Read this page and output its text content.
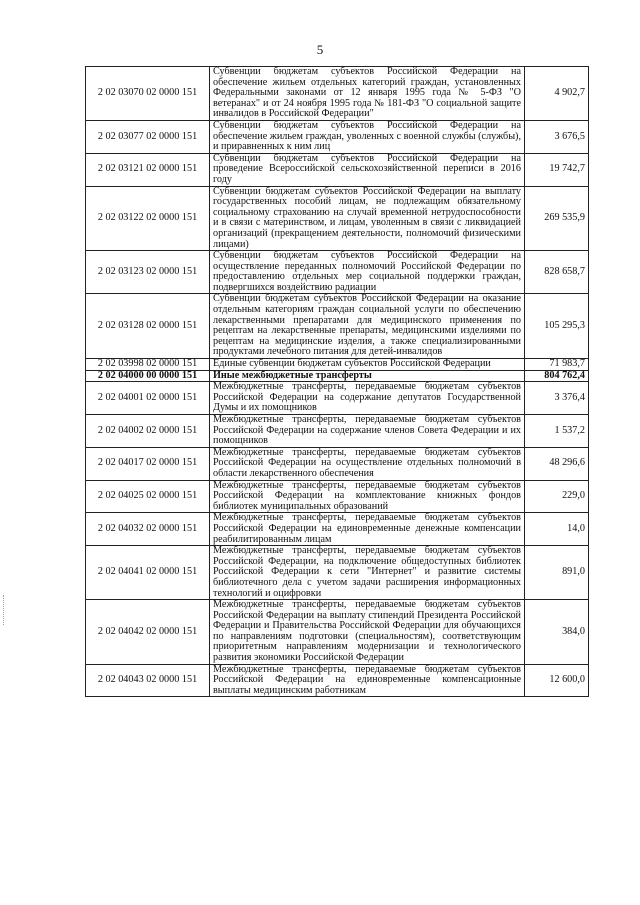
5
2 02 03070 02 0000 151	Субвенции бюджетам субъектов Российской Федерации на обеспечение жильем отдельных категорий граждан, установленных Федеральными законами от 12 января 1995 года № 5-ФЗ "О ветеранах" и от 24 ноября 1995 года № 181-ФЗ "О социальной защите инвалидов в Российской Федерации"	4 902,7
2 02 03077 02 0000 151	Субвенции бюджетам субъектов Российской Федерации на обеспечение жильем граждан, уволенных с военной службы (службы), и приравненных к ним лиц	3 676,5
2 02 03121 02 0000 151	Субвенции бюджетам субъектов Российской Федерации на проведение Всероссийской сельскохозяйственной переписи в 2016 году	19 742,7
2 02 03122 02 0000 151	Субвенции бюджетам субъектов Российской Федерации на выплату государственных пособий лицам, не подлежащим обязательному социальному страхованию на случай временной нетрудоспособности и в связи с материнством, и лицам, уволенным в связи с ликвидацией организаций (прекращением деятельности, полномочий физическими лицами)	269 535,9
2 02 03123 02 0000 151	Субвенции бюджетам субъектов Российской Федерации на осуществление переданных полномочий Российской Федерации по предоставлению отдельных мер социальной поддержки граждан, подвергшихся воздействию радиации	828 658,7
2 02 03128 02 0000 151	Субвенции бюджетам субъектов Российской Федерации на оказание отдельным категориям граждан социальной услуги по обеспечению лекарственными препаратами для медицинского применения по рецептам на лекарственные препараты, медицинскими изделиями по рецептам на медицинские изделия, а также специализированными продуктами лечебного питания для детей-инвалидов	105 295,3
2 02 03998 02 0000 151	Единые субвенции бюджетам субъектов Российской Федерации	71 983,7
2 02 04000 00 0000 151	Иные межбюджетные трансферты	804 762,4
2 02 04001 02 0000 151	Межбюджетные трансферты, передаваемые бюджетам субъектов Российской Федерации на содержание депутатов Государственной Думы и их помощников	3 376,4
2 02 04002 02 0000 151	Межбюджетные трансферты, передаваемые бюджетам субъектов Российской Федерации на содержание членов Совета Федерации и их помощников	1 537,2
2 02 04017 02 0000 151	Межбюджетные трансферты, передаваемые бюджетам субъектов Российской Федерации на осуществление отдельных полномочий в области лекарственного обеспечения	48 296,6
2 02 04025 02 0000 151	Межбюджетные трансферты, передаваемые бюджетам субъектов Российской Федерации на комплектование книжных фондов библиотек муниципальных образований	229,0
2 02 04032 02 0000 151	Межбюджетные трансферты, передаваемые бюджетам субъектов Российской Федерации на единовременные денежные компенсации реабилитированным лицам	14,0
2 02 04041 02 0000 151	Межбюджетные трансферты, передаваемые бюджетам субъектов Российской Федерации, на подключение общедоступных библиотек Российской Федерации к сети "Интернет" и развитие системы библиотечного дела с учетом задачи расширения информационных технологий и оцифровки	891,0
2 02 04042 02 0000 151	Межбюджетные трансферты, передаваемые бюджетам субъектов Российской Федерации на выплату стипендий Президента Российской Федерации и Правительства Российской Федерации для обучающихся по направлениям подготовки (специальностям), соответствующим приоритетным направлениям модернизации и технологического развития экономики Российской Федерации	384,0
2 02 04043 02 0000 151	Межбюджетные трансферты, передаваемые бюджетам субъектов Российской Федерации на единовременные компенсационные выплаты медицинским работникам	12 600,0
